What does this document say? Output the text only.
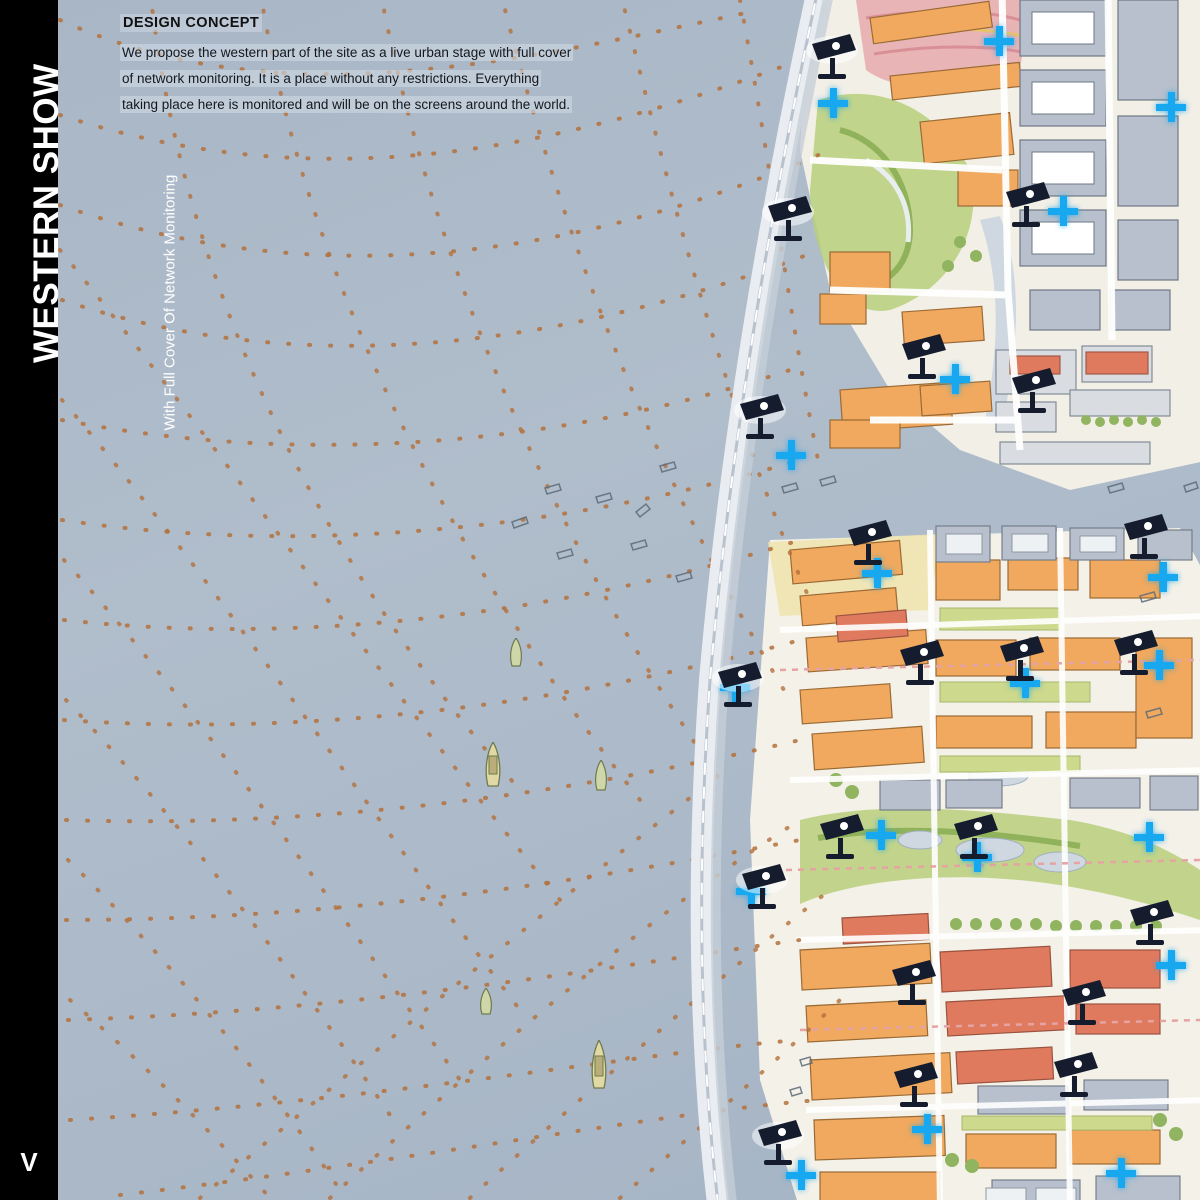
DESIGN CONCEPT

We propose the western part of the site as a live urban stage with full cover
of network monitoring. It is a place without any restrictions. Everything
taking place here is monitored and will be on the screens around the world.

WESTERN SHOW	With Full Cover Of Network Monitoring
V
